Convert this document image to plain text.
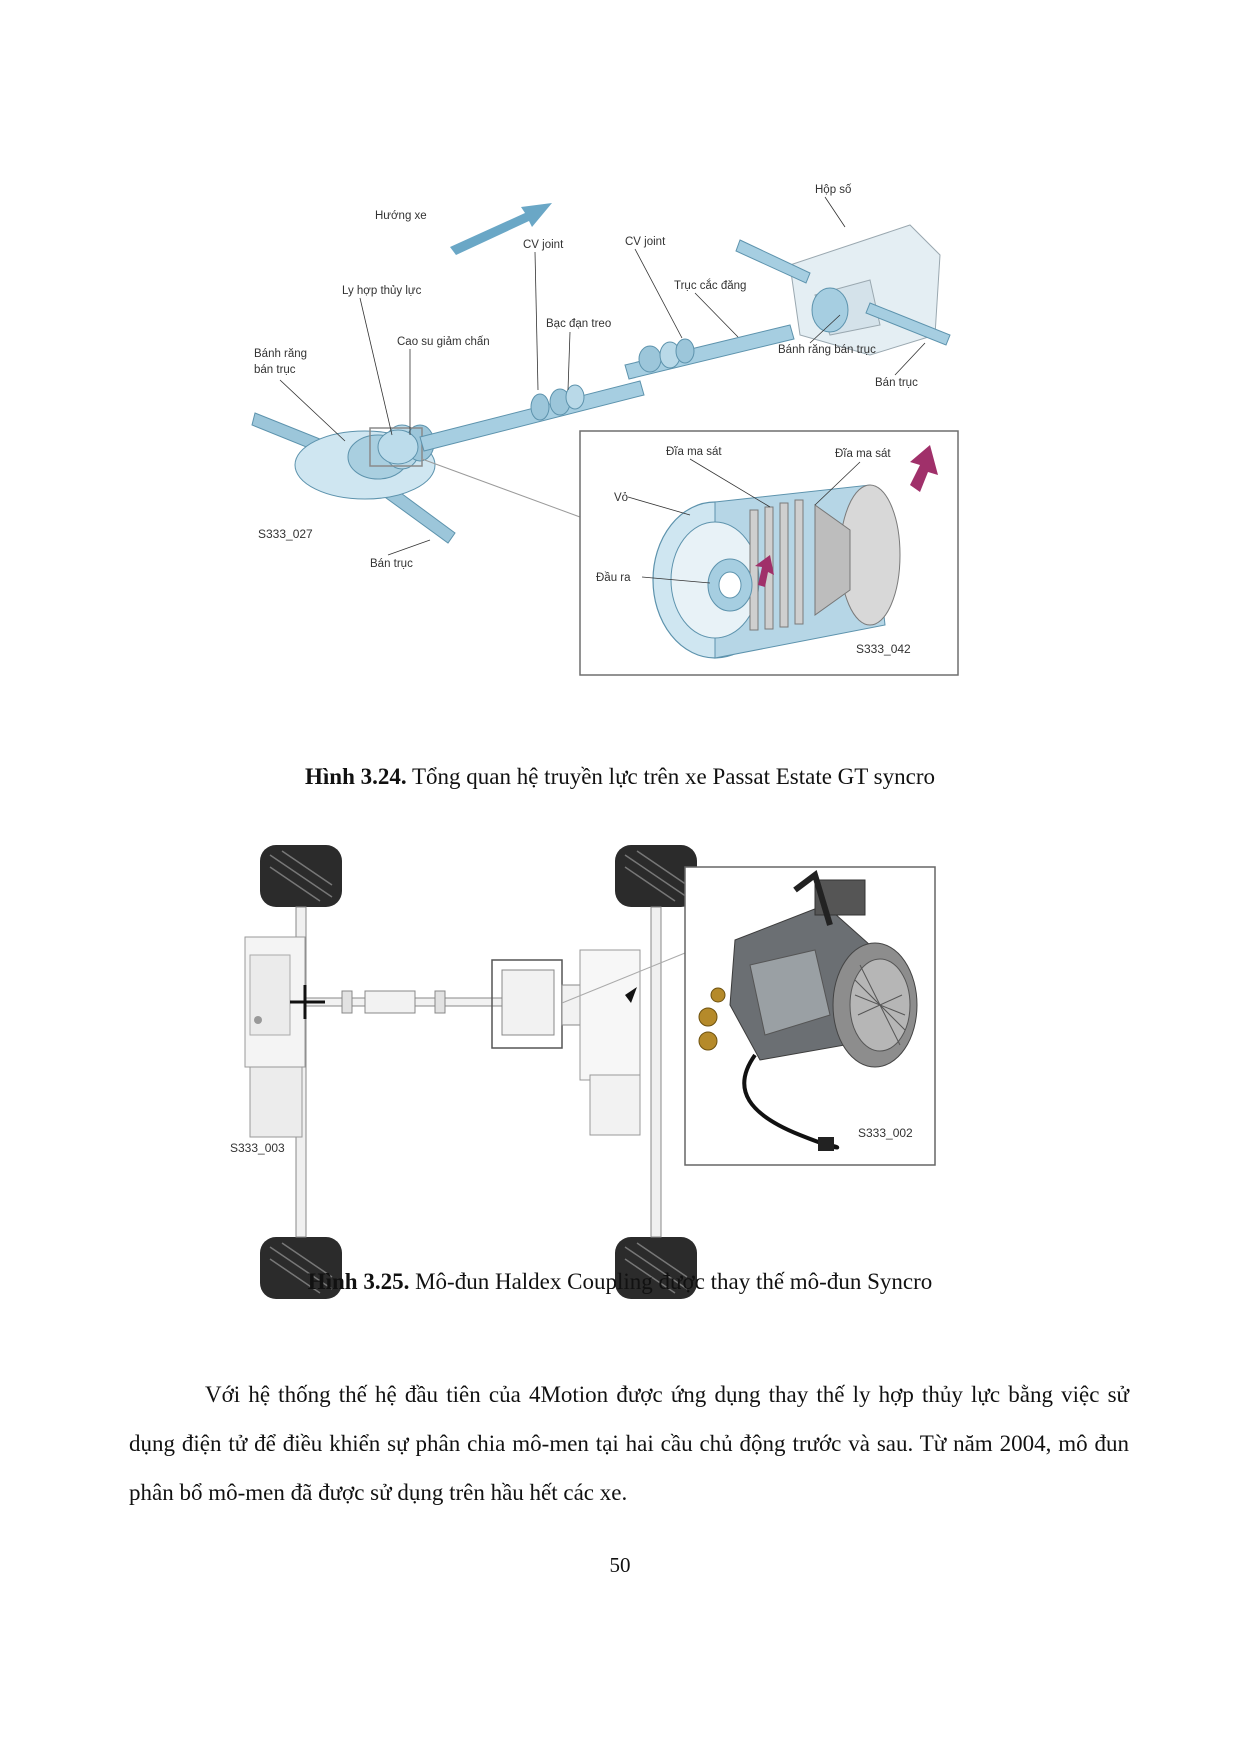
Hướng xe
Hộp số
CV joint	CV joint
Trục cắc đăng
Ly hợp thủy lực
Bạc đạn treo
Cao su giảm chấn
Bánh răng
bán trục
Bánh răng bán trục
Bán trục
S333_027
Bán trục
Đĩa ma sát	Đĩa ma sát
Vỏ
Đầu ra
S333_042
Hình 3.24. Tổng quan hệ truyền lực trên xe Passat Estate GT syncro
S333_003
S333_002
Hình 3.25. Mô-đun Haldex Coupling được thay thế mô-đun Syncro

Với hệ thống thế hệ đầu tiên của 4Motion được ứng dụng thay thế ly hợp thủy lực bằng việc sử dụng điện tử để điều khiển sự phân chia mô-men tại hai cầu chủ động trước và sau. Từ năm 2004, mô đun phân bổ mô-men đã được sử dụng trên hầu hết các xe.

50
